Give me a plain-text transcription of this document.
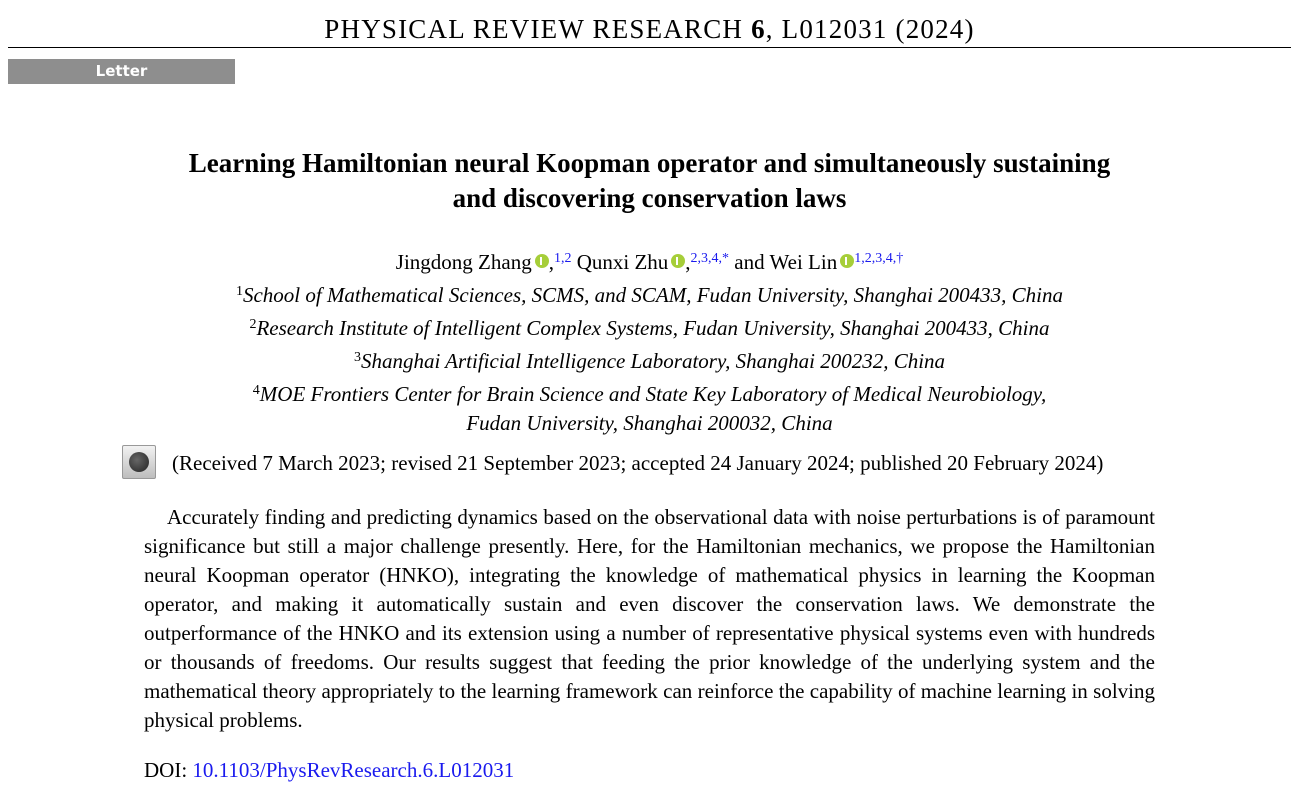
PHYSICAL REVIEW RESEARCH 6, L012031 (2024)
Letter
Learning Hamiltonian neural Koopman operator and simultaneously sustaining
and discovering conservation laws
Jingdong Zhang ,$^{1,2}$ Qunxi Zhu ,$^{2,3,4,*}$ and Wei Lin $^{1,2,3,4,\dagger}$
$^1$School of Mathematical Sciences, SCMS, and SCAM, Fudan University, Shanghai 200433, China
$^2$Research Institute of Intelligent Complex Systems, Fudan University, Shanghai 200433, China
$^3$Shanghai Artificial Intelligence Laboratory, Shanghai 200232, China
$^4$MOE Frontiers Center for Brain Science and State Key Laboratory of Medical Neurobiology,
Fudan University, Shanghai 200032, China
(Received 7 March 2023; revised 21 September 2023; accepted 24 January 2024; published 20 February 2024)

Accurately finding and predicting dynamics based on the observational data with noise perturbations is of paramount significance but still a major challenge presently. Here, for the Hamiltonian mechanics, we propose the Hamiltonian neural Koopman operator (HNKO), integrating the knowledge of mathematical physics in learning the Koopman operator, and making it automatically sustain and even discover the conservation laws. We demonstrate the outperformance of the HNKO and its extension using a number of representative physical systems even with hundreds or thousands of freedoms. Our results suggest that feeding the prior knowledge of the underlying system and the mathematical theory appropriately to the learning framework can reinforce the capability of machine learning in solving physical problems.

DOI: 10.1103/PhysRevResearch.6.L012031
